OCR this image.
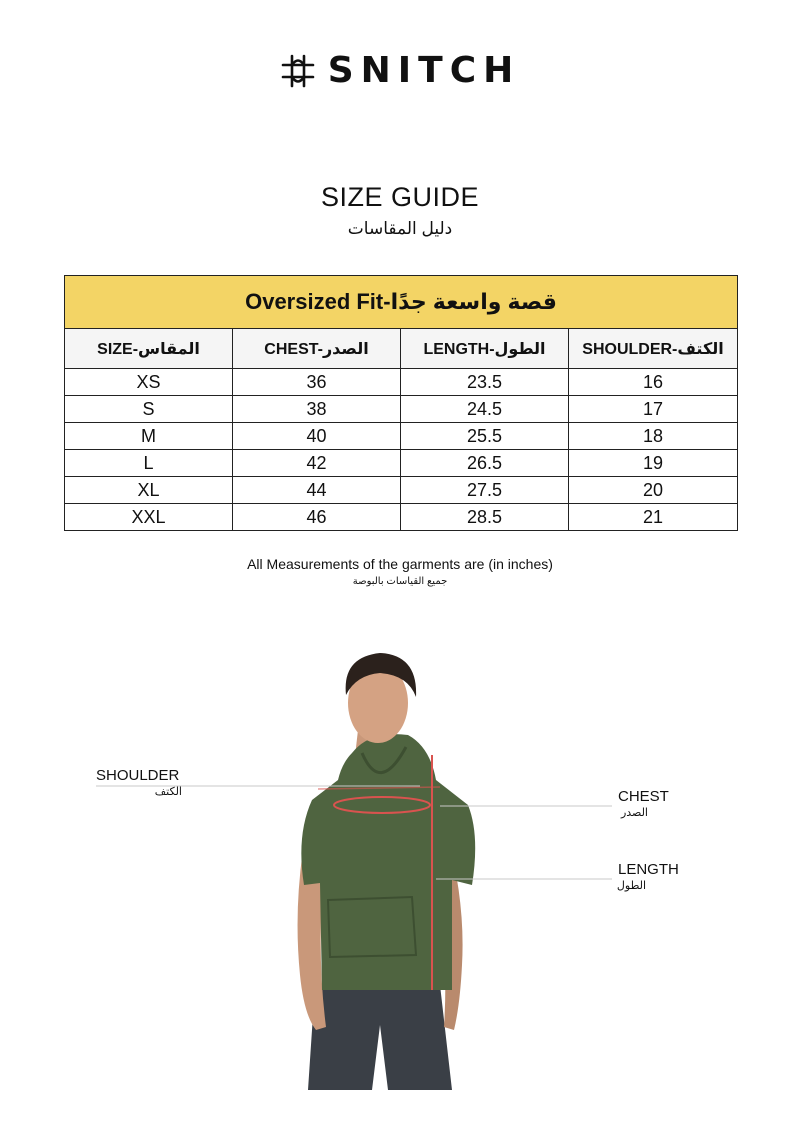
SNITCH
SIZE GUIDE
دليل المقاسات
Oversized Fit-قصة واسعة جدًا			
SIZE-المقاس	CHEST-الصدر	LENGTH-الطول	SHOULDER-الكتف
XS	36	23.5	16
S	38	24.5	17
M	40	25.5	18
L	42	26.5	19
XL	44	27.5	20
XXL	46	28.5	21
All Measurements of the garments are (in inches)
جميع القياسات بالبوصة
SHOULDER
الكتف	CHEST
الصدر
LENGTH
الطول
